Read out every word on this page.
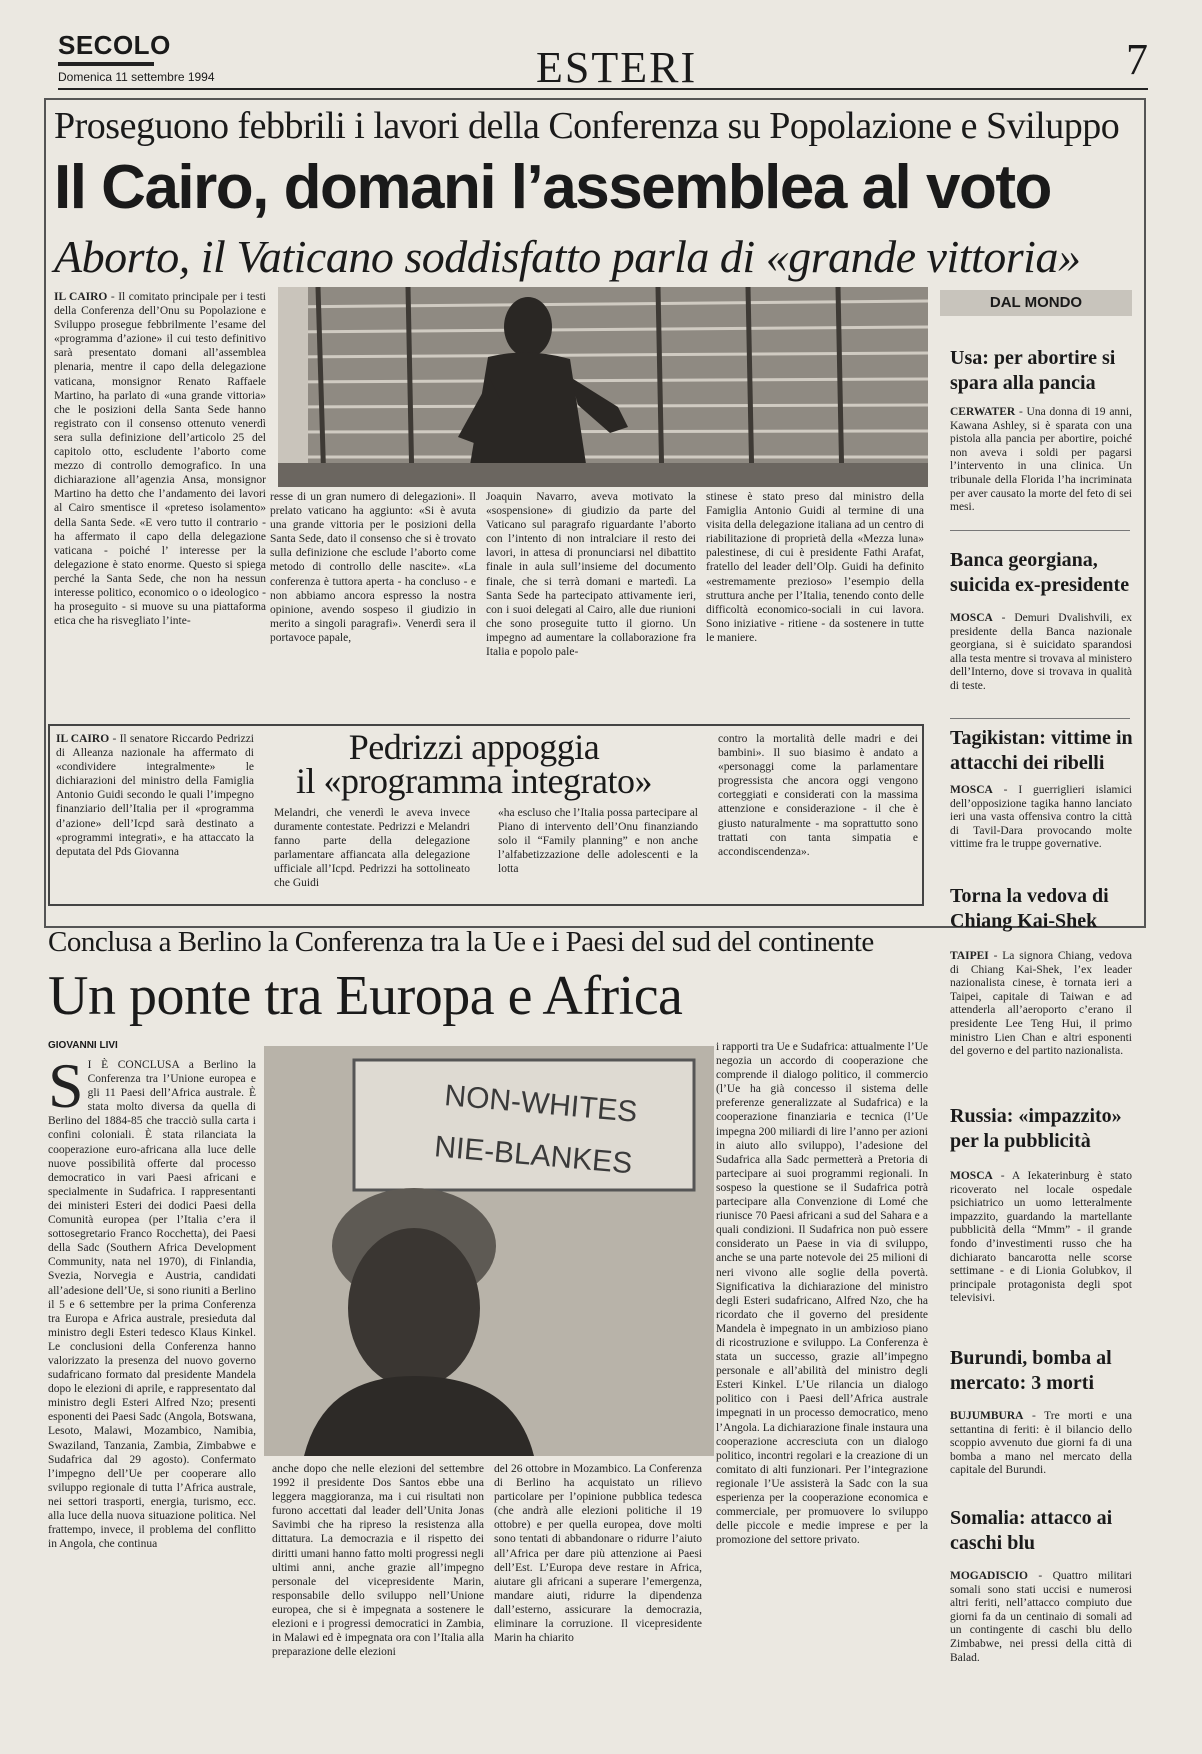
SECOLO
Domenica 11 settembre 1994	ESTERI	7
Proseguono febbrili i lavori della Conferenza su Popolazione e Sviluppo
Il Cairo, domani l’assemblea al voto
Aborto, il Vaticano soddisfatto parla di «grande vittoria»
IL CAIRO - Il comitato principale per i testi della Conferenza dell’Onu su Popolazione e Sviluppo prosegue febbrilmente l’esame del «programma d’azione» il cui testo definitivo sarà presentato domani all’assemblea plenaria, mentre il capo della delegazione vaticana, monsignor Renato Raffaele Martino, ha parlato di «una grande vittoria» che le posizioni della Santa Sede hanno registrato con il consenso ottenuto venerdì sera sulla definizione dell’articolo 25 del capitolo otto, escludente l’aborto come mezzo di controllo demografico. In una dichiarazione all’agenzia Ansa, monsignor Martino ha detto che l’andamento dei lavori al Cairo smentisce il «preteso isolamento» della Santa Sede. «E vero tutto il contrario - ha affermato il capo della delegazione vaticana - poiché l’ interesse per la delegazione è stato enorme. Questo si spiega perché la Santa Sede, che non ha nessun interesse politico, economico o o ideologico - ha proseguito - si muove su una piattaforma etica che ha risvegliato l’inte-
resse di un gran numero di delegazioni». Il prelato vaticano ha aggiunto: «Si è avuta una grande vittoria per le posizioni della Santa Sede, dato il consenso che si è trovato sulla definizione che esclude l’aborto come metodo di controllo delle nascite». «La conferenza è tuttora aperta - ha concluso - e non abbiamo ancora espresso la nostra opinione, avendo sospeso il giudizio in merito a singoli paragrafi». Venerdì sera il portavoce papale,
Joaquin Navarro, aveva motivato la «sospensione» di giudizio da parte del Vaticano sul paragrafo riguardante l’aborto con l’intento di non intralciare il resto dei lavori, in attesa di pronunciarsi nel dibattito finale in aula sull’insieme del documento finale, che si terrà domani e martedì. La Santa Sede ha partecipato attivamente ieri, con i suoi delegati al Cairo, alle due riunioni che sono proseguite tutto il giorno. Un impegno ad aumentare la collaborazione fra Italia e popolo pale-
stinese è stato preso dal ministro della Famiglia Antonio Guidi al termine di una visita della delegazione italiana ad un centro di riabilitazione di proprietà della «Mezza luna» palestinese, di cui è presidente Fathi Arafat, fratello del leader dell’Olp. Guidi ha definito «estremamente prezioso» l’esempio della struttura anche per l’Italia, tenendo conto delle difficoltà economico-sociali in cui lavora. Sono iniziative - ritiene - da sostenere in tutte le maniere.
IL CAIRO - Il senatore Riccardo Pedrizzi di Alleanza nazionale ha affermato di «condividere integralmente» le dichiarazioni del ministro della Famiglia Antonio Guidi secondo le quali l’impegno finanziario dell’Italia per il «programma d’azione» dell’Icpd sarà destinato a «programmi integrati», e ha attaccato la deputata del Pds Giovanna
Pedrizzi appoggia
il «programma integrato»
Melandri, che venerdì le aveva invece duramente contestate. Pedrizzi e Melandri fanno parte della delegazione parlamentare affiancata alla delegazione ufficiale all’Icpd. Pedrizzi ha sottolineato che Guidi
«ha escluso che l’Italia possa partecipare al Piano di intervento dell’Onu finanziando solo il “Family planning” e non anche l’alfabetizzazione delle adolescenti e la lotta
contro la mortalità delle madri e dei bambini». Il suo biasimo è andato a «personaggi come la parlamentare progressista che ancora oggi vengono corteggiati e considerati con la massima attenzione e considerazione - il che è giusto naturalmente - ma soprattutto sono trattati con tanta simpatia e accondiscendenza».
DAL MONDO
Usa: per abortire si spara alla pancia
CERWATER - Una donna di 19 anni, Kawana Ashley, si è sparata con una pistola alla pancia per abortire, poiché non aveva i soldi per pagarsi l’intervento in una clinica. Un tribunale della Florida l’ha incriminata per aver causato la morte del feto di sei mesi.
Banca georgiana, suicida ex-presidente
MOSCA - Demuri Dvalishvili, ex presidente della Banca nazionale georgiana, si è suicidato sparandosi alla testa mentre si trovava al ministero dell’Interno, dove si trovava in qualità di teste.
Tagikistan: vittime in attacchi dei ribelli
MOSCA - I guerriglieri islamici dell’opposizione tagika hanno lanciato ieri una vasta offensiva contro la città di Tavil-Dara provocando molte vittime fra le truppe governative.
Torna la vedova di Chiang Kai-Shek
TAIPEI - La signora Chiang, vedova di Chiang Kai-Shek, l’ex leader nazionalista cinese, è tornata ieri a Taipei, capitale di Taiwan e ad attenderla all’aeroporto c’erano il presidente Lee Teng Hui, il primo ministro Lien Chan e altri esponenti del governo e del partito nazionalista.
Russia: «impazzito» per la pubblicità
MOSCA - A Iekaterinburg è stato ricoverato nel locale ospedale psichiatrico un uomo letteralmente impazzito, guardando la martellante pubblicità della “Mmm” - il grande fondo d’investimenti russo che ha dichiarato bancarotta nelle scorse settimane - e di Lionia Golubkov, il principale protagonista degli spot televisivi.
Burundi, bomba al mercato: 3 morti
BUJUMBURA - Tre morti e una settantina di feriti: è il bilancio dello scoppio avvenuto due giorni fa di una bomba a mano nel mercato della capitale del Burundi.
Somalia: attacco ai caschi blu
MOGADISCIO - Quattro militari somali sono stati uccisi e numerosi altri feriti, nell’attacco compiuto due giorni fa da un centinaio di somali ad un contingente di caschi blu dello Zimbabwe, nei pressi della città di Balad.
Conclusa a Berlino la Conferenza tra la Ue e i Paesi del sud del continente
Un ponte tra Europa e Africa
GIOVANNI LIVI
S I È CONCLUSA a Berlino la Conferenza tra l’Unione europea e gli 11 Paesi dell’Africa australe. È stata molto diversa da quella di Berlino del 1884-85 che tracciò sulla carta i confini coloniali. È stata rilanciata la cooperazione euro-africana alla luce delle nuove possibilità offerte dal processo democratico in vari Paesi africani e specialmente in Sudafrica. I rappresentanti dei ministeri Esteri dei dodici Paesi della Comunità europea (per l’Italia c’era il sottosegretario Franco Rocchetta), dei Paesi della Sadc (Southern Africa Development Community, nata nel 1970), di Finlandia, Svezia, Norvegia e Austria, candidati all’adesione dell’Ue, si sono riuniti a Berlino il 5 e 6 settembre per la prima Conferenza tra Europa e Africa australe, presieduta dal ministro degli Esteri tedesco Klaus Kinkel. Le conclusioni della Conferenza hanno valorizzato la presenza del nuovo governo sudafricano formato dal presidente Mandela dopo le elezioni di aprile, e rappresentato dal ministro degli Esteri Alfred Nzo; presenti esponenti dei Paesi Sadc (Angola, Botswana, Lesoto, Malawi, Mozambico, Namibia, Swaziland, Tanzania, Zambia, Zimbabwe e Sudafrica dal 29 agosto). Confermato l’impegno dell’Ue per cooperare allo sviluppo regionale di tutta l’Africa australe, nei settori trasporti, energia, turismo, ecc. alla luce della nuova situazione politica. Nel frattempo, invece, il problema del conflitto in Angola, che continua
NON-WHITES
NIE-BLANKES
anche dopo che nelle elezioni del settembre 1992 il presidente Dos Santos ebbe una leggera maggioranza, ma i cui risultati non furono accettati dal leader dell’Unita Jonas Savimbi che ha ripreso la resistenza alla dittatura. La democrazia e il rispetto dei diritti umani hanno fatto molti progressi negli ultimi anni, anche grazie all’impegno personale del vicepresidente Marin, responsabile dello sviluppo nell’Unione europea, che si è impegnata a sostenere le elezioni e i progressi democratici in Zambia, in Malawi ed è impegnata ora con l’Italia alla preparazione delle elezioni
del 26 ottobre in Mozambico. La Conferenza di Berlino ha acquistato un rilievo particolare per l’opinione pubblica tedesca (che andrà alle elezioni politiche il 19 ottobre) e per quella europea, dove molti sono tentati di abbandonare o ridurre l’aiuto all’Africa per dare più attenzione ai Paesi dell’Est. L’Europa deve restare in Africa, aiutare gli africani a superare l’emergenza, mandare aiuti, ridurre la dipendenza dall’esterno, assicurare la democrazia, eliminare la corruzione. Il vicepresidente Marin ha chiarito
i rapporti tra Ue e Sudafrica: attualmente l’Ue negozia un accordo di cooperazione che comprende il dialogo politico, il commercio (l’Ue ha già concesso il sistema delle preferenze generalizzate al Sudafrica) e la cooperazione finanziaria e tecnica (l’Ue impegna 200 miliardi di lire l’anno per azioni in aiuto allo sviluppo), l’adesione del Sudafrica alla Sadc permetterà a Pretoria di partecipare ai suoi programmi regionali. In sospeso la questione se il Sudafrica potrà partecipare alla Convenzione di Lomé che riunisce 70 Paesi africani a sud del Sahara e a quali condizioni. Il Sudafrica non può essere considerato un Paese in via di sviluppo, anche se una parte notevole dei 25 milioni di neri vivono alle soglie della povertà. Significativa la dichiarazione del ministro degli Esteri sudafricano, Alfred Nzo, che ha ricordato che il governo del presidente Mandela è impegnato in un ambizioso piano di ricostruzione e sviluppo. La Conferenza è stata un successo, grazie all’impegno personale e all’abilità del ministro degli Esteri Kinkel. L’Ue rilancia un dialogo politico con i Paesi dell’Africa australe impegnati in un processo democratico, meno l’Angola. La dichiarazione finale instaura una cooperazione accresciuta con un dialogo politico, incontri regolari e la creazione di un comitato di alti funzionari. Per l’integrazione regionale l’Ue assisterà la Sadc con la sua esperienza per la cooperazione economica e commerciale, per promuovere lo sviluppo delle piccole e medie imprese e per la promozione del settore privato.
